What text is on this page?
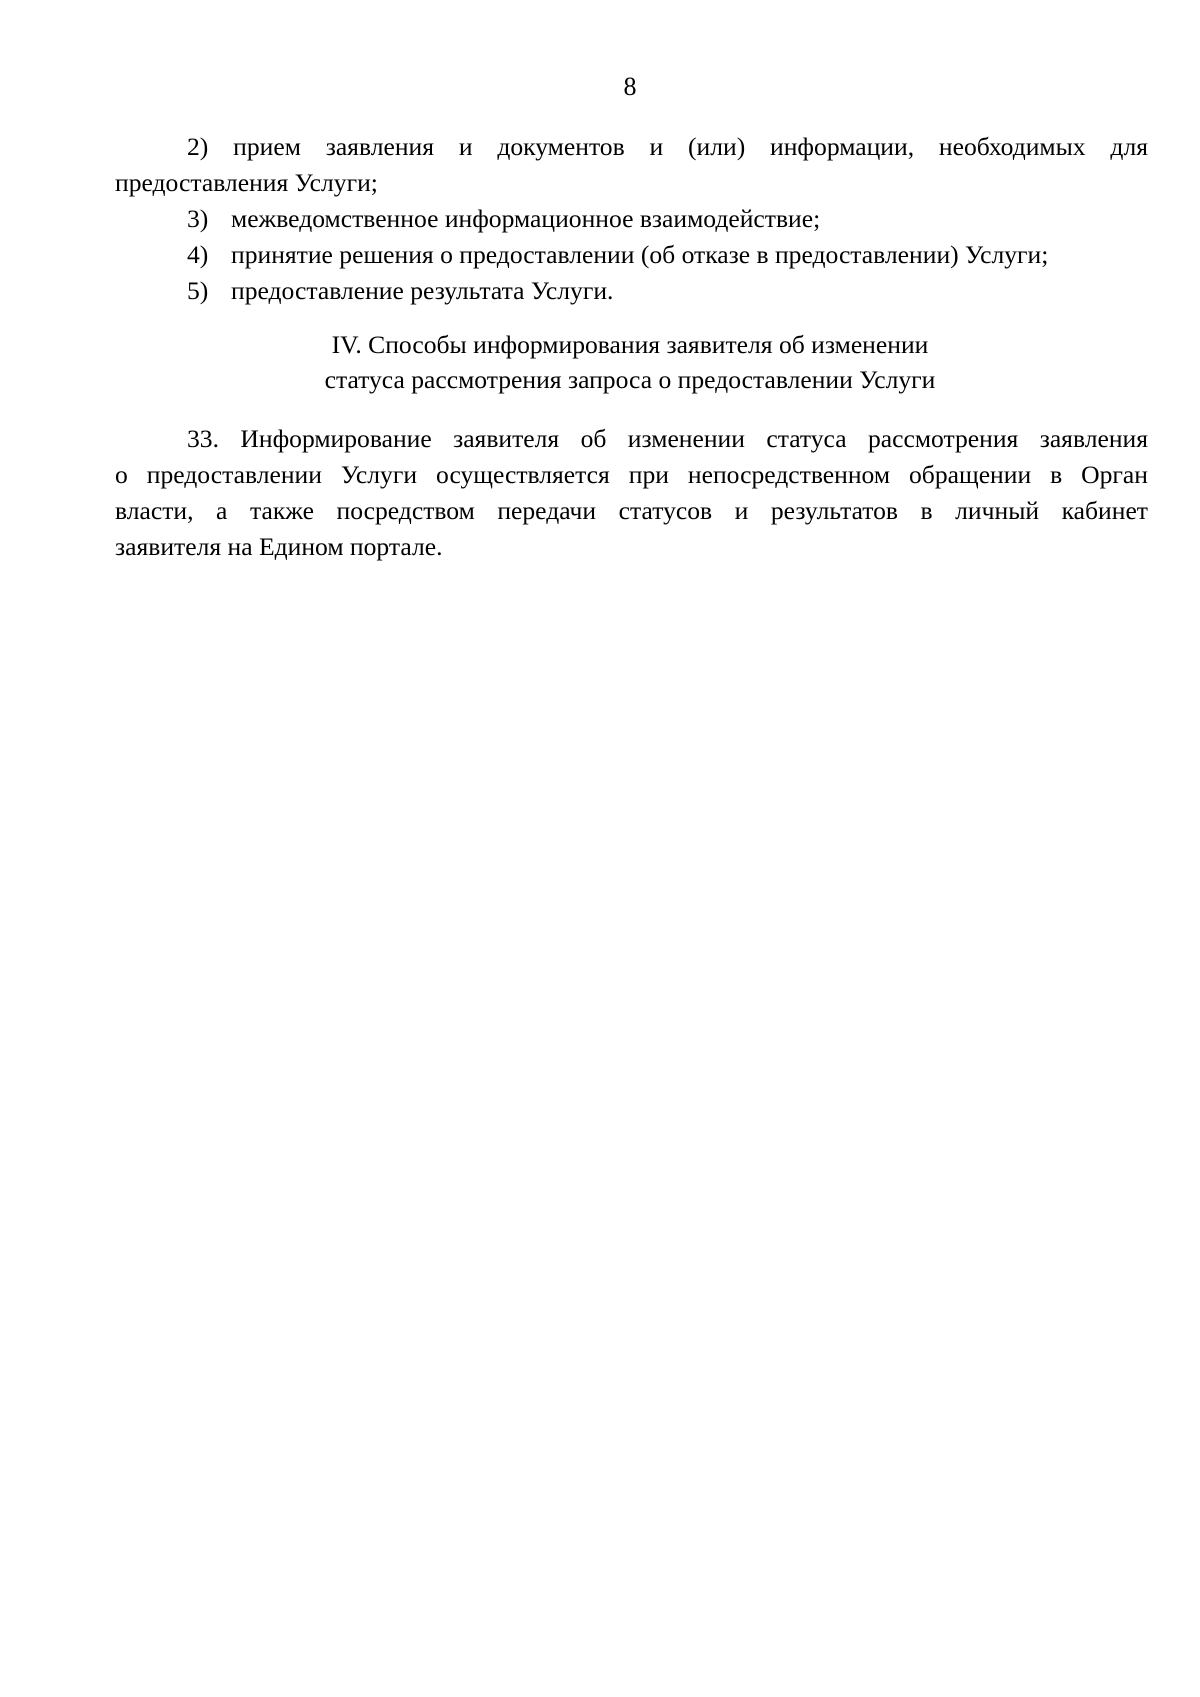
8
2) прием заявления и документов и (или) информации, необходимых для
предоставления Услуги;
3) межведомственное информационное взаимодействие;
4) принятие решения о предоставлении (об отказе в предоставлении) Услуги;
5) предоставление результата Услуги.
IV. Способы информирования заявителя об изменении
статуса рассмотрения запроса о предоставлении Услуги
33. Информирование заявителя об изменении статуса рассмотрения заявления
о предоставлении Услуги осуществляется при непосредственном обращении в Орган
власти, а также посредством передачи статусов и результатов в личный кабинет
заявителя на Едином портале.
